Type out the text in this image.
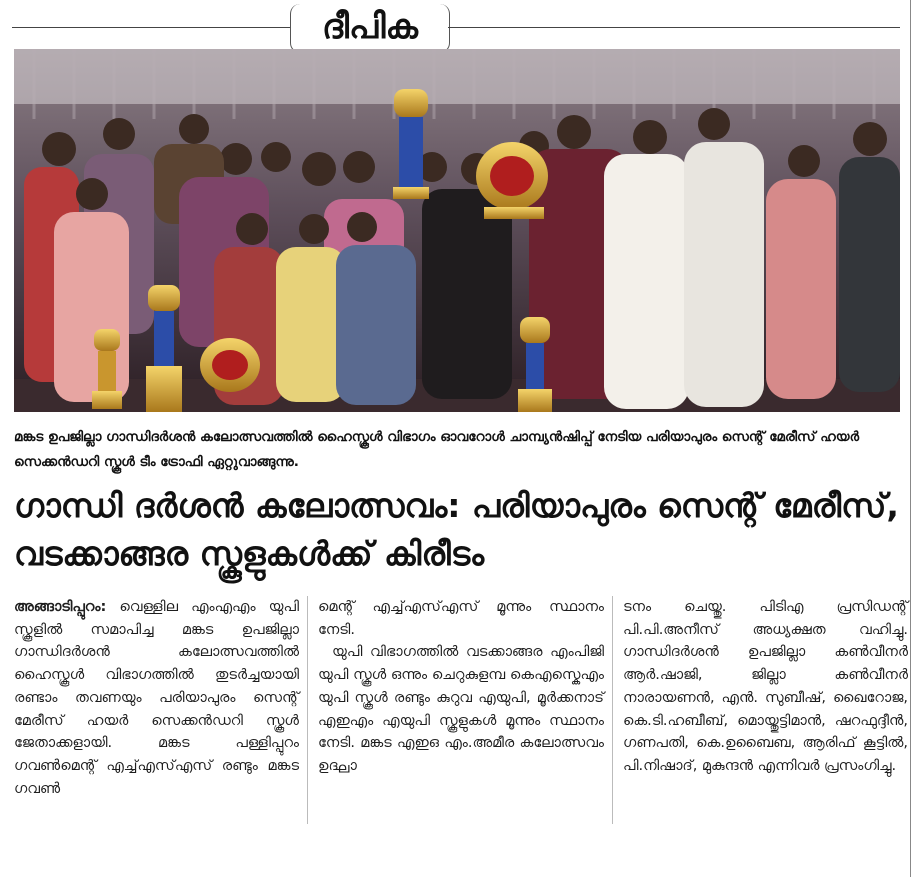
ദീപിക
മങ്കട ഉപജില്ലാ ഗാന്ധിദർശൻ കലോത്സവത്തിൽ ഹൈസ്കൂൾ വിഭാഗം ഓവറോൾ ചാമ്പ്യൻഷിപ്പ് നേടിയ പരിയാപുരം സെന്റ് മേരീസ് ഹയർ സെക്കൻഡറി സ്കൂൾ ടീം ട്രോഫി ഏറ്റുവാങ്ങുന്നു.
ഗാന്ധി ദർശൻ കലോത്സവം: പരിയാപുരം സെന്റ് മേരീസ്, വടക്കാങ്ങര സ്കൂളുകൾക്ക് കിരീടം

അങ്ങാടിപ്പുറം: വെള്ളില എംഎഎം യുപി സ്കൂളിൽ സമാപിച്ച മങ്കട ഉപജില്ലാ ഗാന്ധിദർശൻ കലോത്സവത്തിൽ ഹൈസ്കൂൾ വിഭാഗത്തിൽ തുടർച്ചയായി രണ്ടാം തവണയും പരിയാപുരം സെന്റ് മേരീസ് ഹയർ സെക്കൻഡറി സ്കൂൾ ജേതാക്കളായി. മങ്കട പള്ളിപ്പുറം ഗവൺമെന്റ് എച്ച്എസ്എസ് രണ്ടും മങ്കട ഗവൺ

മെന്റ് എച്ച്എസ്എസ് മൂന്നും സ്ഥാനം നേടി.

യുപി വിഭാഗത്തിൽ വടക്കാങ്ങര എംപിജി യുപി സ്കൂൾ ഒന്നും ചെറുകുളമ്പ കെഎസ്കെഎം യുപി സ്കൂൾ രണ്ടും കുറുവ എയുപി, മൂർക്കനാട് എഇഎം എയുപി സ്കൂളുകൾ മൂന്നും സ്ഥാനം നേടി. മങ്കട എഇഒ എം.അമീര കലോത്സവം ഉദ്ഘാ

ടനം ചെയ്തു. പിടിഎ പ്രസിഡന്റ് പി.പി.അനീസ് അധ്യക്ഷത വഹിച്ചു. ഗാന്ധിദർശൻ ഉപജില്ലാ കൺവീനർ ആർ.ഷാജി, ജില്ലാ കൺവീനർ നാരായണൻ, എൻ. സുബീഷ്, ഖൈറോജ, കെ.ടി.ഹബീബ്, മൊയ്തുട്ടിമാൻ, ഷറഫുദ്ദീൻ, ഗണപതി, കെ.ഉബൈബ, ആരിഫ് കൂട്ടിൽ, പി.നിഷാദ്, മുകുന്ദൻ എന്നിവർ പ്രസംഗിച്ചു.
